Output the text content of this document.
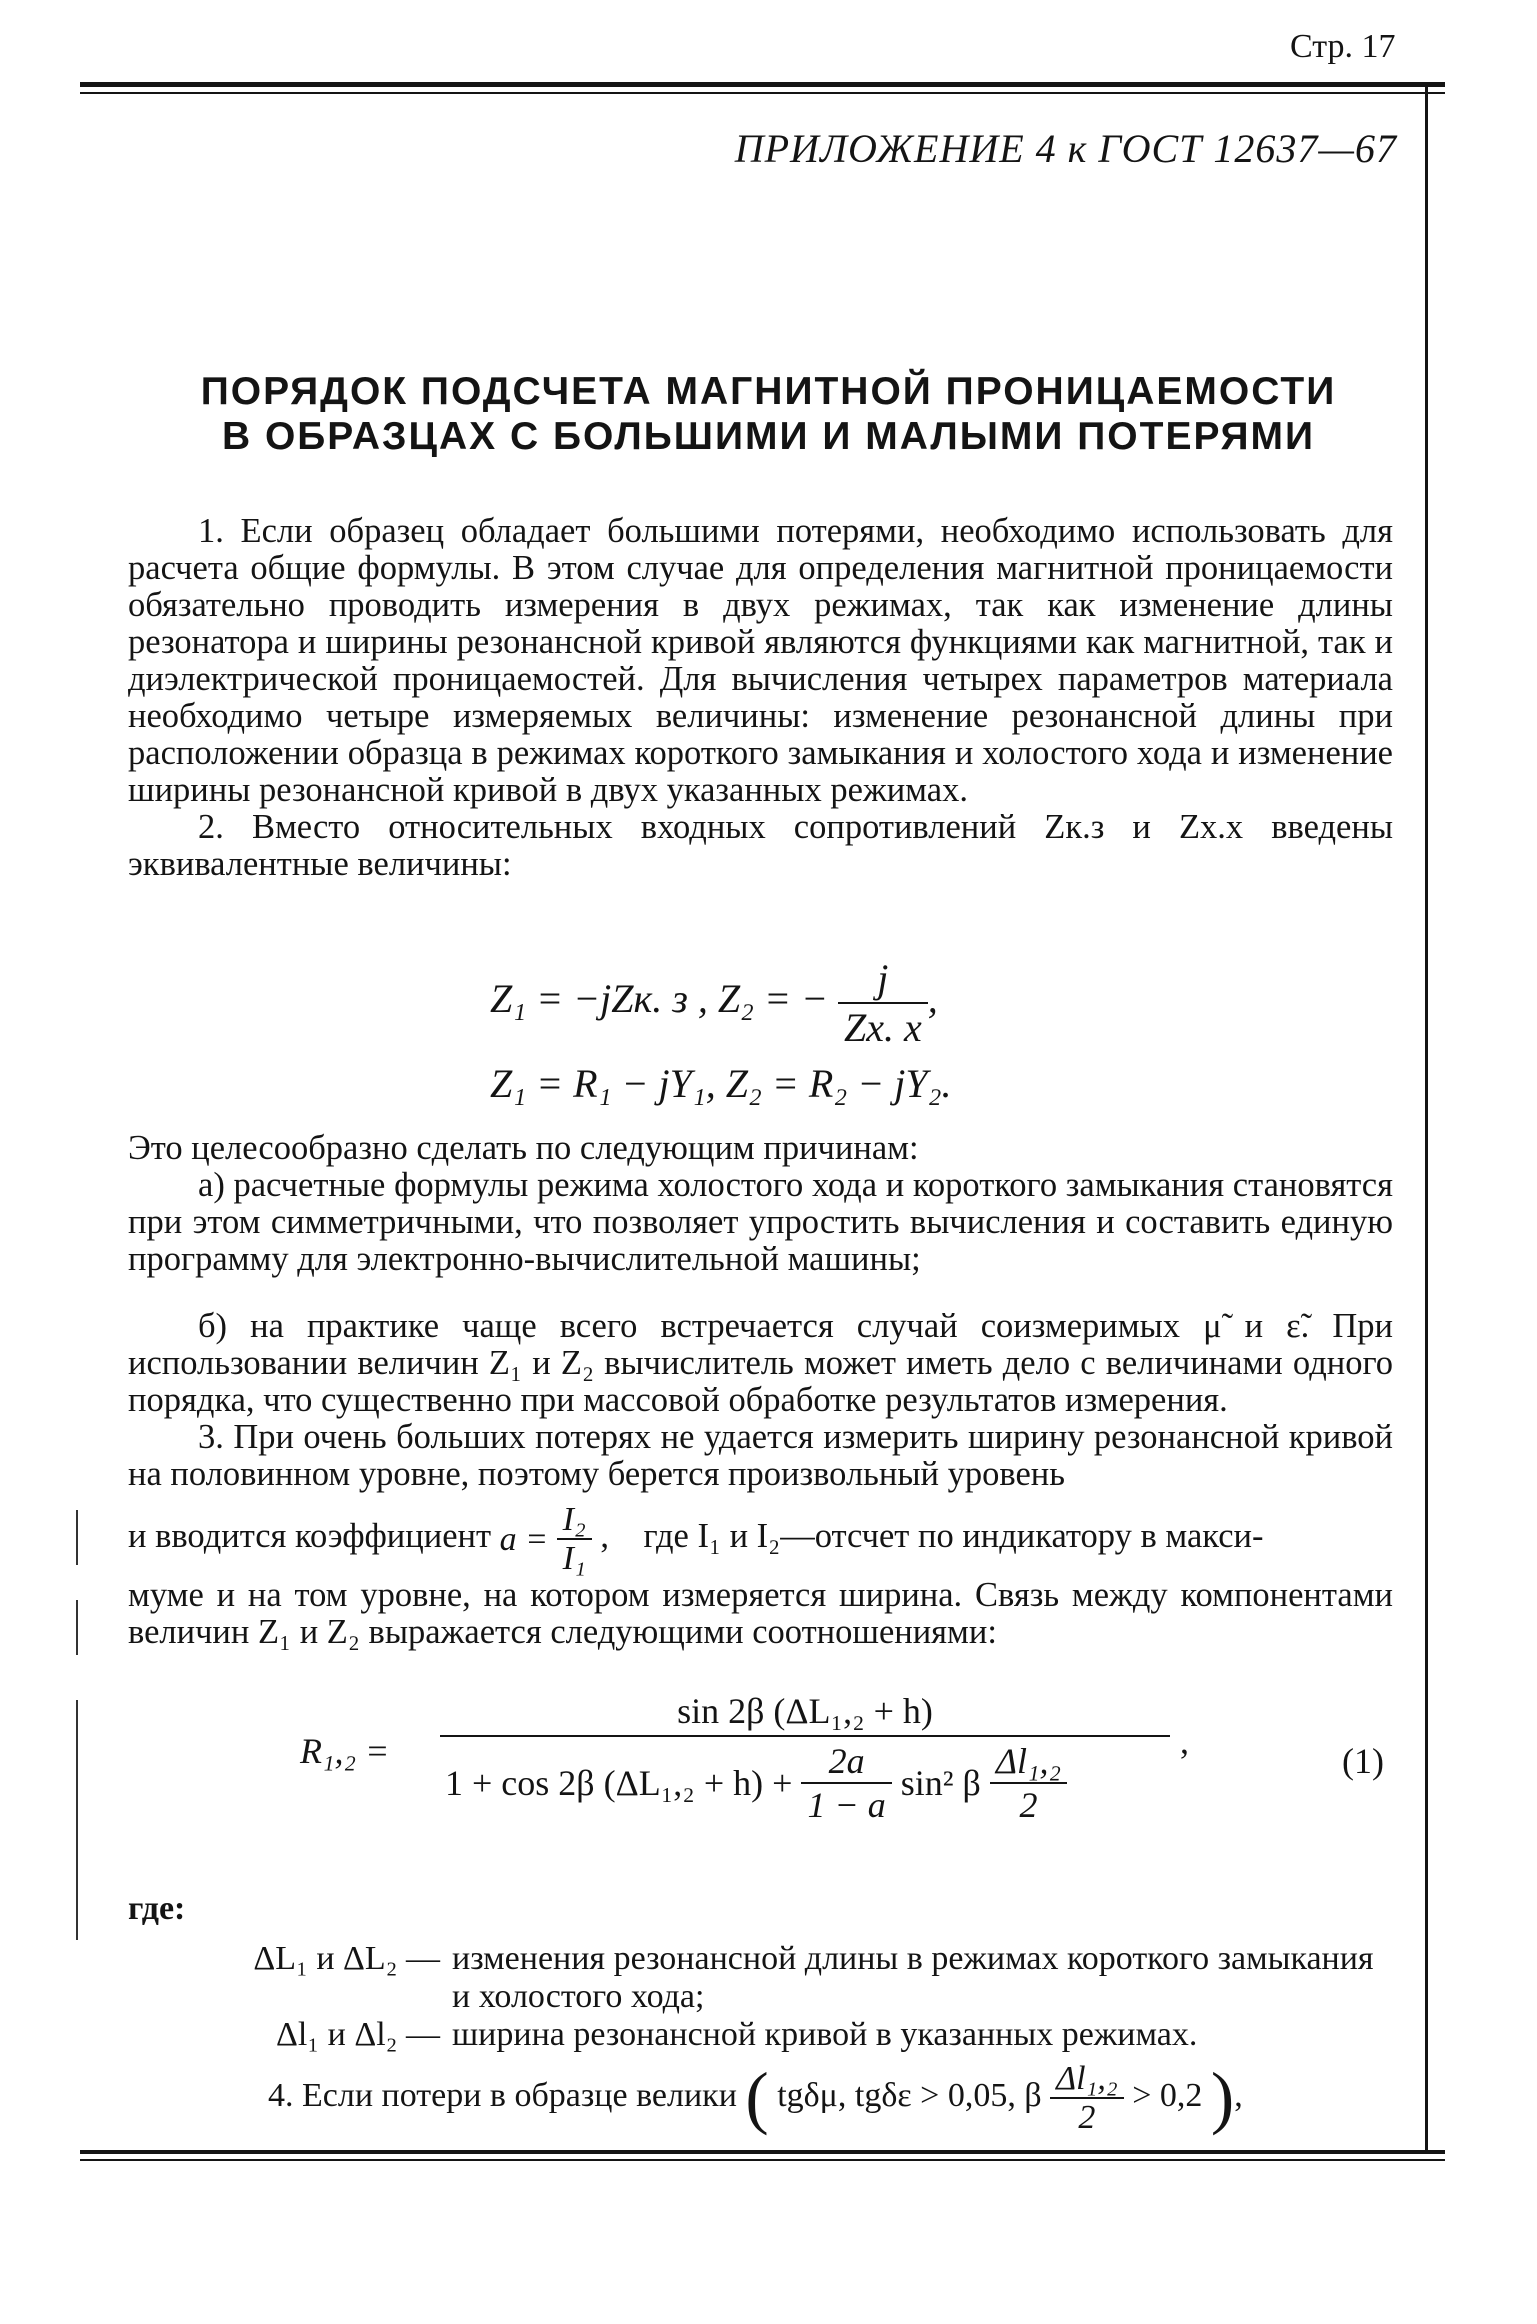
Стр. 17
ПРИЛОЖЕНИЕ 4 к ГОСТ 12637—67
ПОРЯДОК ПОДСЧЕТА МАГНИТНОЙ ПРОНИЦАЕМОСТИ
В ОБРАЗЦАХ С БОЛЬШИМИ И МАЛЫМИ ПОТЕРЯМИ

1. Если образец обладает большими потерями, необходимо использовать для расчета общие формулы. В этом случае для определения магнитной проницаемости обязательно проводить измерения в двух режимах, так как изменение длины резонатора и ширины резонансной кривой являются функциями как магнитной, так и диэлектрической проницаемостей. Для вычисления четырех параметров материала необходимо четыре измеряемых величины: изменение резонансной длины при расположении образца в режимах короткого замыкания и холостого хода и изменение ширины резонансной кривой в двух указанных режимах.

2. Вместо относительных входных сопротивлений Zк.з и Zх.х введены эквивалентные величины:

Z₁ = −jZк. з , Z₂ = − $\frac{j}{Zх. х}$ ,
Z₁ = R₁ − jY₁, Z₂ = R₂ − jY₂.

Это целесообразно сделать по следующим причинам:

а) расчетные формулы режима холостого хода и короткого замыкания становятся при этом симметричными, что позволяет упростить вычисления и составить единую программу для электронно-вычислительной машины;

б) на практике чаще всего встречается случай соизмеримых μ̃ и ε̃. При использовании величин Z₁ и Z₂ вычислитель может иметь дело с величинами одного порядка, что существенно при массовой обработке результатов измерения.

3. При очень больших потерях не удается измерить ширину резонансной кривой на половинном уровне, поэтому берется произвольный уровень

и вводится коэффициент $a = \frac{\text{I₂}}{\text{I₁}}$ ,    где I₁ и I₂—отсчет по индикатору в макси-

муме и на том уровне, на котором измеряется ширина. Связь между компонентами величин Z₁ и Z₂ выражается следующими соотношениями:

R₁,₂ =
sin 2β (ΔL₁,₂ + h)
1 + cos 2β $(\Delta L_1,_2 + h) + \frac{2a}{1 - a} \sin^2$ β $\frac{\text{Δl₁,₂}}{2}$	,	(1)
где:
ΔL₁ и ΔL₂ — изменения резонансной длины в режимах короткого замыкания и холостого хода;
Δl₁ и Δl₂ — ширина резонансной кривой в указанных режимах.
4. Если потери в образце велики ( tgδμ, tgδε > 0,05, β $\frac{\text{Δl₁,₂}}{2} > 0,2$ ),
